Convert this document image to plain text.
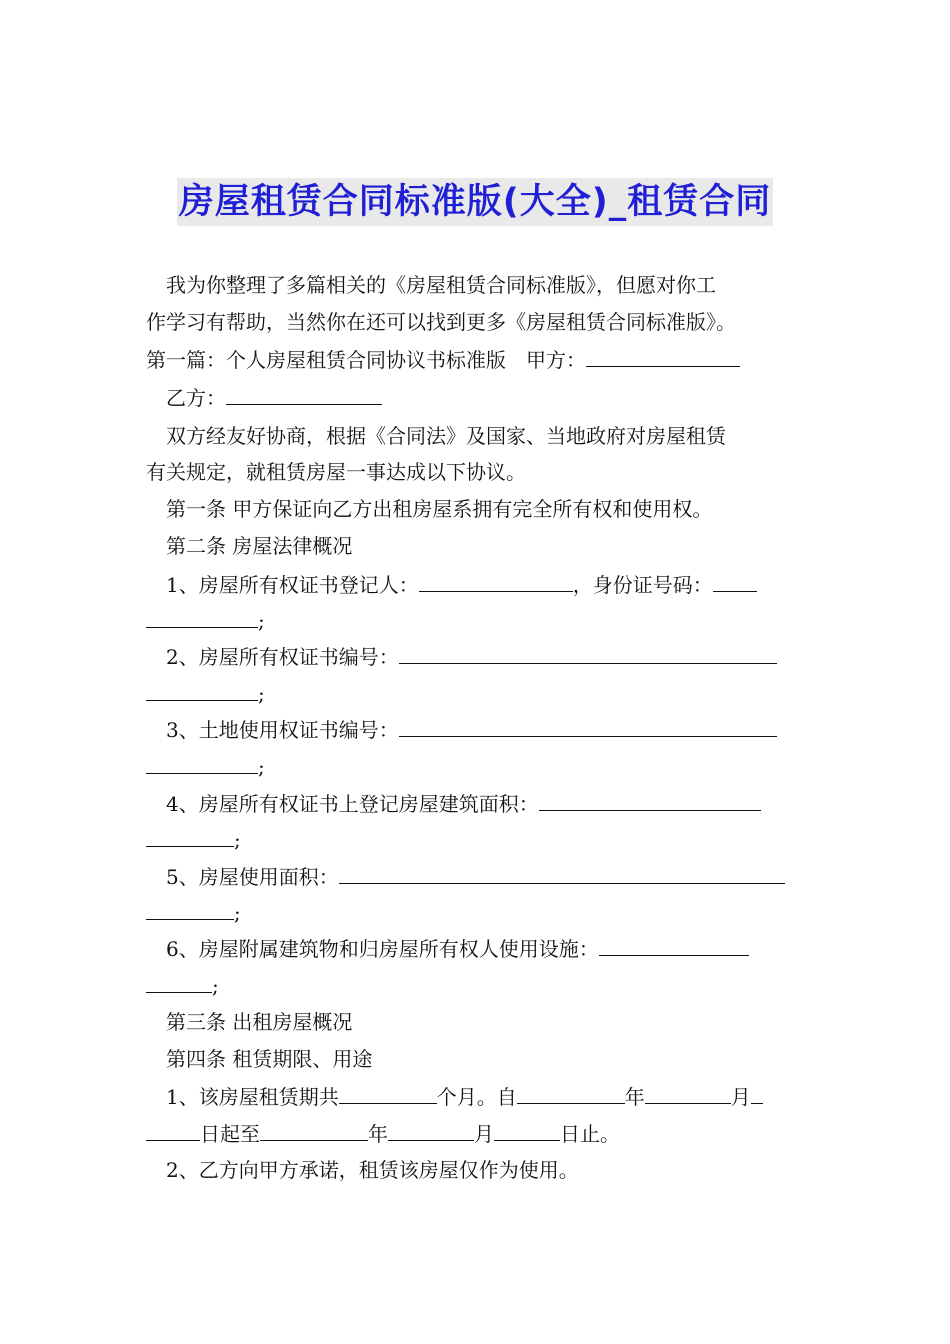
房屋租赁合同标准版(大全)_租赁合同
我为你整理了多篇相关的《房屋租赁合同标准版》，但愿对你工
作学习有帮助，当然你在还可以找到更多《房屋租赁合同标准版》。
第一篇：个人房屋租赁合同协议书标准版　甲方：
乙方：
双方经友好协商，根据《合同法》及国家、当地政府对房屋租赁
有关规定，就租赁房屋一事达成以下协议。
第一条 甲方保证向乙方出租房屋系拥有完全所有权和使用权。
第二条 房屋法律概况
1、房屋所有权证书登记人：	，身份证号码：
;
2、房屋所有权证书编号：
;
3、土地使用权证书编号：
;
4、房屋所有权证书上登记房屋建筑面积：
;
5、房屋使用面积：
;
6、房屋附属建筑物和归房屋所有权人使用设施：
;
第三条 出租房屋概况
第四条 租赁期限、用途
1、该房屋租赁期共	个月。自	年	月
日起至	年	月	日止。
2、乙方向甲方承诺，租赁该房屋仅作为使用。
